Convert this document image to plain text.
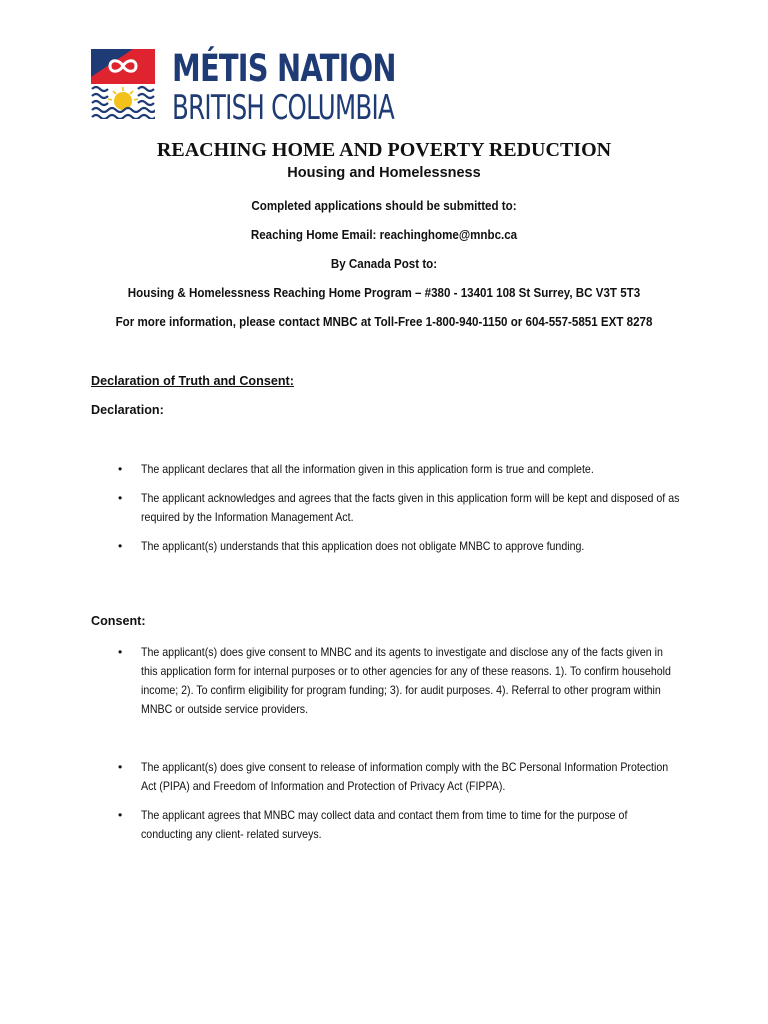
MÉTIS NATION
BRITISH COLUMBIA
REACHING HOME AND POVERTY REDUCTION
Housing and Homelessness
Completed applications should be submitted to:
Reaching Home Email: reachinghome@mnbc.ca
By Canada Post to:
Housing & Homelessness Reaching Home Program – #380 - 13401 108 St Surrey, BC V3T 5T3
For more information, please contact MNBC at Toll-Free 1-800-940-1150 or 604-557-5851 EXT 8278
Declaration of Truth and Consent:
Declaration:
• The applicant declares that all the information given in this application form is true and complete.
• The applicant acknowledges and agrees that the facts given in this application form will be kept and disposed of as required by the Information Management Act.
• The applicant(s) understands that this application does not obligate MNBC to approve funding.
Consent:
• The applicant(s) does give consent to MNBC and its agents to investigate and disclose any of the facts given in this application form for internal purposes or to other agencies for any of these reasons. 1). To confirm household income; 2). To confirm eligibility for program funding; 3). for audit purposes. 4). Referral to other program within MNBC or outside service providers.
• The applicant(s) does give consent to release of information comply with the BC Personal Information Protection Act (PIPA) and Freedom of Information and Protection of Privacy Act (FIPPA).
• The applicant agrees that MNBC may collect data and contact them from time to time for the purpose of conducting any client- related surveys.
